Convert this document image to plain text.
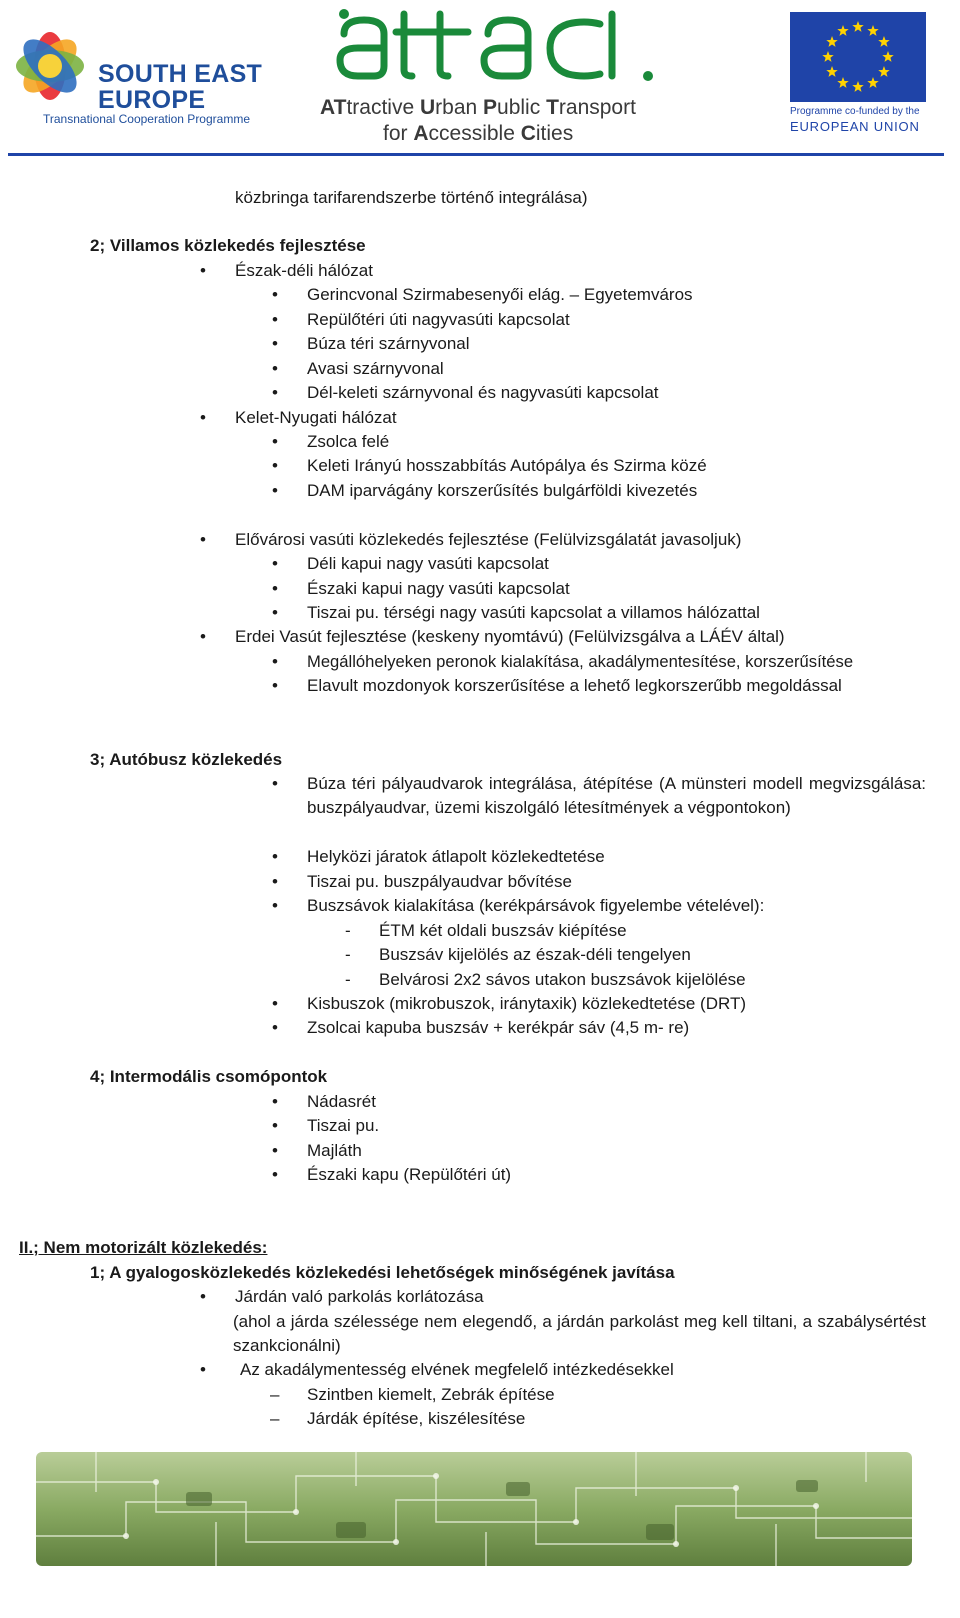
SOUTH EAST
EUROPE
Transnational Cooperation Programme	ATtractive Urban Public Transport
for Accessible Cities
Programme co-funded by the
EUROPEAN UNION
közbringa tarifarendszerbe történő integrálása)
2; Villamos közlekedés fejlesztése
• Észak-déli hálózat
• Gerincvonal Szirmabesenyői elág. – Egyetemváros
• Repülőtéri úti nagyvasúti kapcsolat
• Búza téri szárnyvonal
• Avasi szárnyvonal
• Dél-keleti szárnyvonal és nagyvasúti kapcsolat
• Kelet-Nyugati hálózat
• Zsolca felé
• Keleti Irányú hosszabbítás Autópálya és Szirma közé
• DAM iparvágány korszerűsítés bulgárföldi kivezetés
• Elővárosi vasúti közlekedés fejlesztése (Felülvizsgálatát javasoljuk)
• Déli kapui nagy vasúti kapcsolat
• Északi kapui nagy vasúti kapcsolat
• Tiszai pu. térségi nagy vasúti kapcsolat a villamos hálózattal
• Erdei Vasút fejlesztése (keskeny nyomtávú) (Felülvizsgálva a LÁÉV által)
• Megállóhelyeken peronok kialakítása, akadálymentesítése, korszerűsítése
• Elavult mozdonyok korszerűsítése a lehető legkorszerűbb megoldással
3; Autóbusz közlekedés
• Búza téri pályaudvarok integrálása, átépítése (A münsteri modell megvizsgálása: buszpályaudvar, üzemi kiszolgáló létesítmények a végpontokon)
• Helyközi járatok átlapolt közlekedtetése
• Tiszai pu. buszpályaudvar bővítése
• Buszsávok kialakítása (kerékpársávok figyelembe vételével):
- ÉTM két oldali buszsáv kiépítése
- Buszsáv kijelölés az észak-déli tengelyen
- Belvárosi 2x2 sávos utakon buszsávok kijelölése
• Kisbuszok (mikrobuszok, iránytaxik) közlekedtetése (DRT)
• Zsolcai kapuba buszsáv + kerékpár sáv (4,5 m- re)
4; Intermodális csomópontok
• Nádasrét
• Tiszai pu.
• Majláth
• Északi kapu (Repülőtéri út)
II.; Nem motorizált közlekedés:
1; A gyalogosközlekedés közlekedési lehetőségek minőségének javítása
• Járdán való parkolás korlátozása
(ahol a járda szélessége nem elegendő, a járdán parkolást meg kell tiltani, a szabálysértést szankcionálni)
• Az akadálymentesség elvének megfelelő intézkedésekkel
– Szintben kiemelt, Zebrák építése
– Járdák építése, kiszélesítése
